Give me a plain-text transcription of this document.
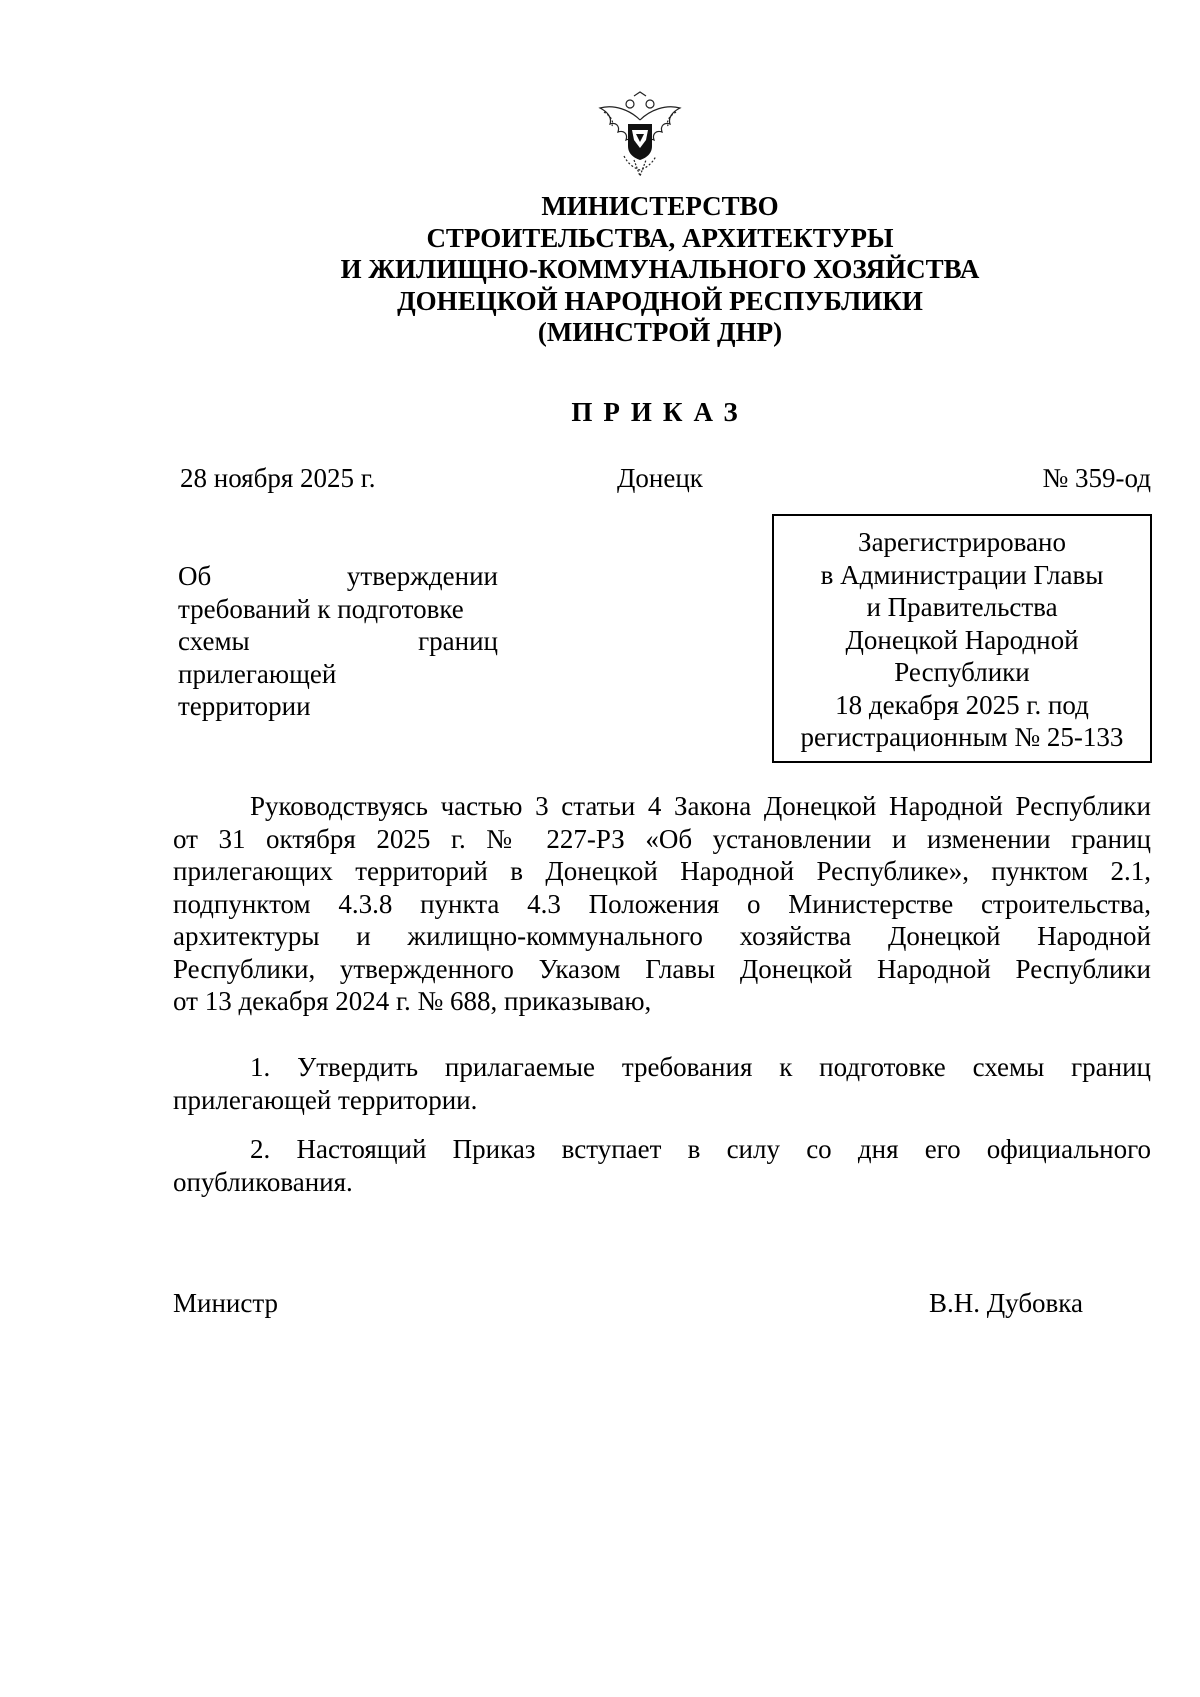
МИНИСТЕРСТВО
СТРОИТЕЛЬСТВА, АРХИТЕКТУРЫ
И ЖИЛИЩНО-КОММУНАЛЬНОГО ХОЗЯЙСТВА
ДОНЕЦКОЙ НАРОДНОЙ РЕСПУБЛИКИ
(МИНСТРОЙ ДНР)
ПРИКАЗ
28 ноября 2025 г.	Донецк	№ 359-од
Об утверждении
требований к подготовке
схемы границ
прилегающей
территории
Зарегистрировано
в Администрации Главы
и Правительства
Донецкой Народной
Республики
18 декабря 2025 г. под
регистрационным № 25-133
Руководствуясь частью 3 статьи 4 Закона Донецкой Народной Республики
от 31 октября 2025 г. № 227-РЗ «Об установлении и изменении границ
прилегающих территорий в Донецкой Народной Республике», пунктом 2.1,
подпунктом 4.3.8 пункта 4.3 Положения о Министерстве строительства,
архитектуры и жилищно-коммунального хозяйства Донецкой Народной
Республики, утвержденного Указом Главы Донецкой Народной Республики
от 13 декабря 2024 г. № 688, приказываю,
1. Утвердить прилагаемые требования к подготовке схемы границ
прилегающей территории.
2. Настоящий Приказ вступает в силу со дня его официального
опубликования.
Министр	В.Н. Дубовка
